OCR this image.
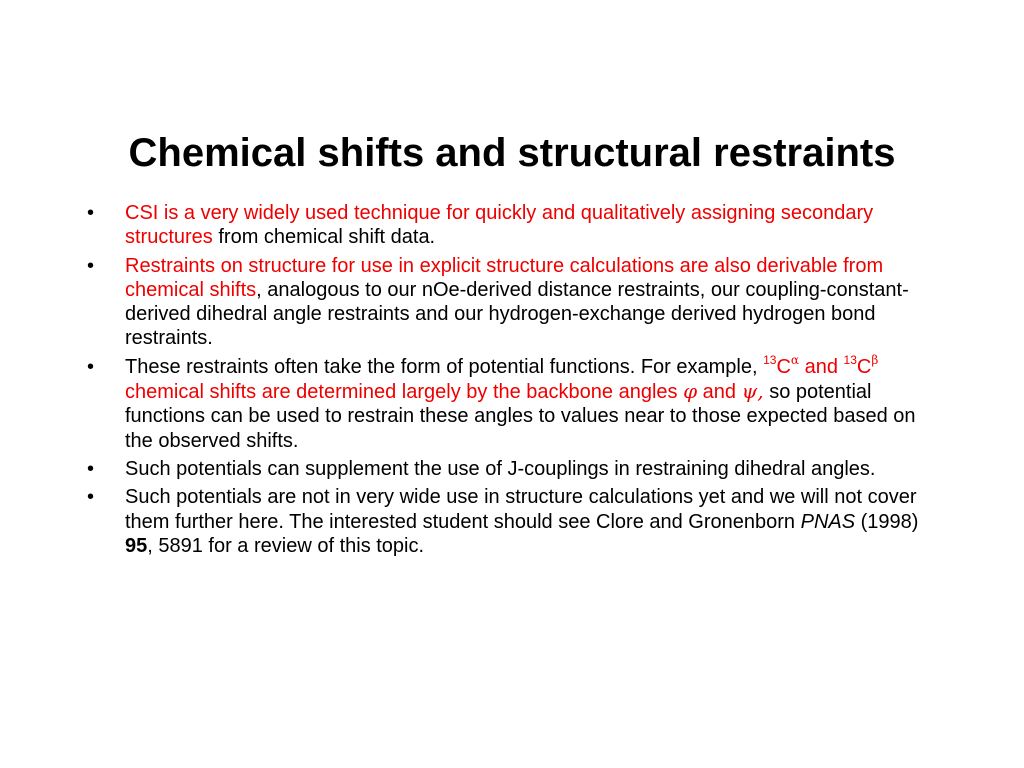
Chemical shifts and structural restraints
• CSI is a very widely used technique for quickly and qualitatively assigning secondary structures from chemical shift data.
• Restraints on structure for use in explicit structure calculations are also derivable from chemical shifts, analogous to our nOe-derived distance restraints, our coupling-constant-derived dihedral angle restraints and our hydrogen-exchange derived hydrogen bond restraints.
• These restraints often take the form of potential functions. For example, $^{13}C^\alpha$ and $^{13}C^\beta$ chemical shifts are determined largely by the backbone angles φ and ψ, so potential functions can be used to restrain these angles to values near to those expected based on the observed shifts.
• Such potentials can supplement the use of J-couplings in restraining dihedral angles.
• Such potentials are not in very wide use in structure calculations yet and we will not cover them further here. The interested student should see Clore and Gronenborn PNAS (1998) 95, 5891 for a review of this topic.
